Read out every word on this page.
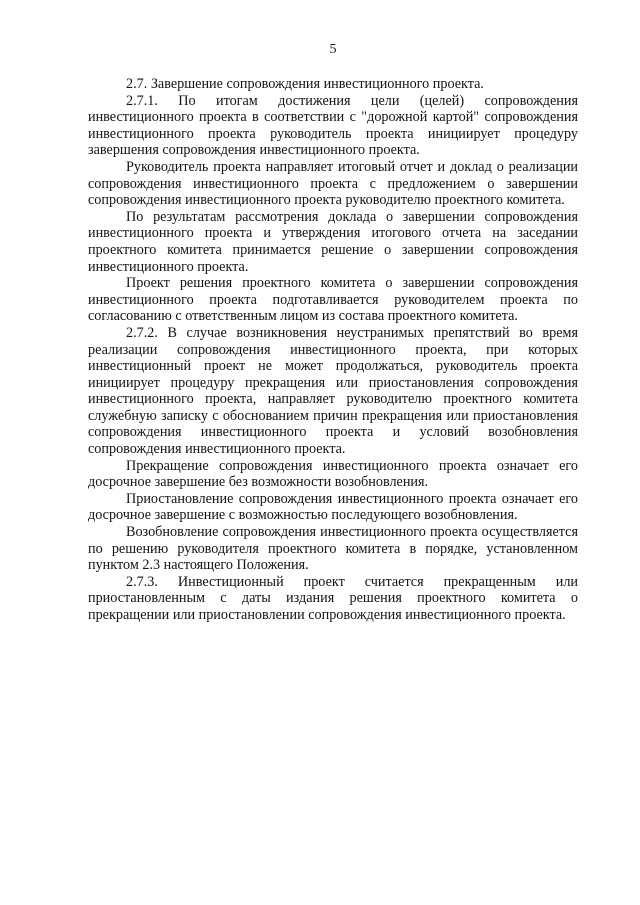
5

2.7. Завершение сопровождения инвестиционного проекта.

2.7.1. По итогам достижения цели (целей) сопровождения инвестиционного проекта в соответствии с "дорожной картой" сопровождения инвестиционного проекта руководитель проекта инициирует процедуру завершения сопровождения инвестиционного проекта.

Руководитель проекта направляет итоговый отчет и доклад о реализации сопровождения инвестиционного проекта с предложением о завершении сопровождения инвестиционного проекта руководителю проектного комитета.

По результатам рассмотрения доклада о завершении сопровождения инвестиционного проекта и утверждения итогового отчета на заседании проектного комитета принимается решение о завершении сопровождения инвестиционного проекта.

Проект решения проектного комитета о завершении сопровождения инвестиционного проекта подготавливается руководителем проекта по согласованию с ответственным лицом из состава проектного комитета.

2.7.2. В случае возникновения неустранимых препятствий во время реализации сопровождения инвестиционного проекта, при которых инвестиционный проект не может продолжаться, руководитель проекта инициирует процедуру прекращения или приостановления сопровождения инвестиционного проекта, направляет руководителю проектного комитета служебную записку с обоснованием причин прекращения или приостановления сопровождения инвестиционного проекта и условий возобновления сопровождения инвестиционного проекта.

Прекращение сопровождения инвестиционного проекта означает его досрочное завершение без возможности возобновления.

Приостановление сопровождения инвестиционного проекта означает его досрочное завершение с возможностью последующего возобновления.

Возобновление сопровождения инвестиционного проекта осуществляется по решению руководителя проектного комитета в порядке, установленном пунктом 2.3 настоящего Положения.

2.7.3. Инвестиционный проект считается прекращенным или приостановленным с даты издания решения проектного комитета о прекращении или приостановлении сопровождения инвестиционного проекта.
